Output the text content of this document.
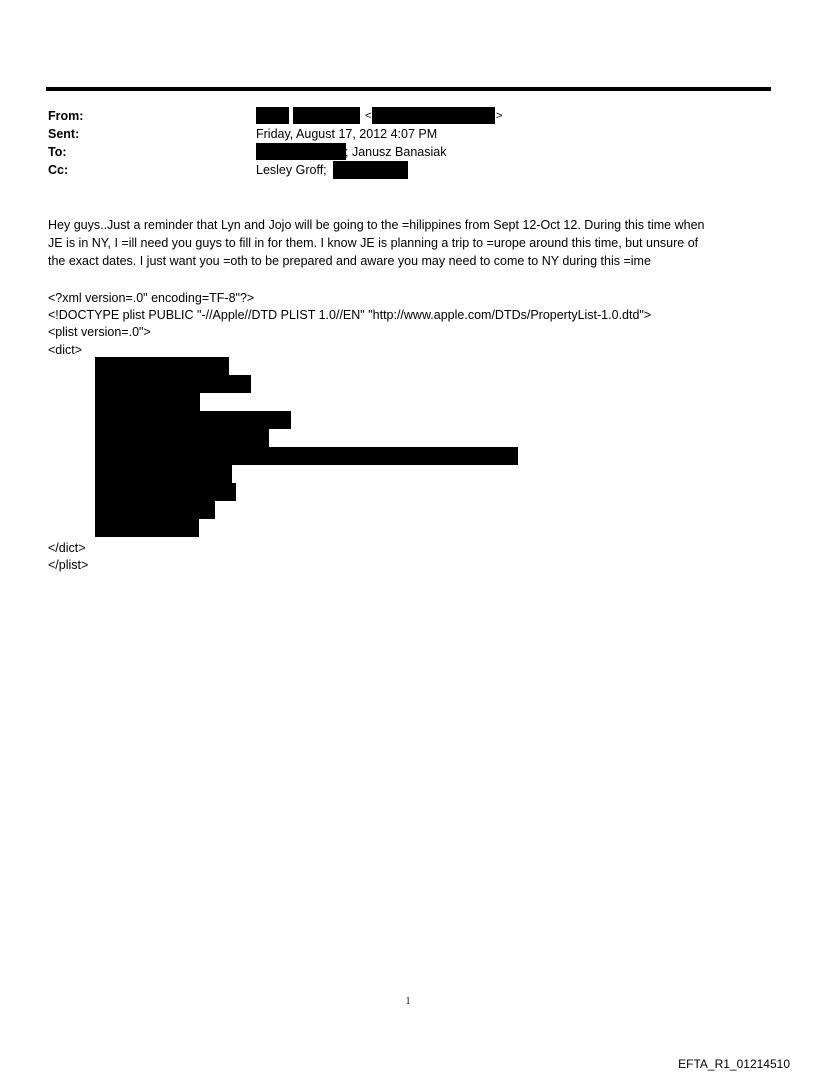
From:
Sent:
To:
Cc:
<	>
Friday, August 17, 2012 4:07 PM
; Janusz Banasiak
Lesley Groff;
Hey guys..Just a reminder that Lyn and Jojo will be going to the =hilippines from Sept 12-Oct 12. During this time when
JE is in NY, I =ill need you guys to fill in for them. I know JE is planning a trip to =urope around this time, but unsure of
the exact dates. I just want you =oth to be prepared and aware you may need to come to NY during this =ime
<?xml version=.0" encoding=TF-8"?>
<!DOCTYPE plist PUBLIC "-//Apple//DTD PLIST 1.0//EN" "http://www.apple.com/DTDs/PropertyList-1.0.dtd">
<plist version=.0">
<dict>
</dict>
</plist>
1
EFTA_R1_01214510
